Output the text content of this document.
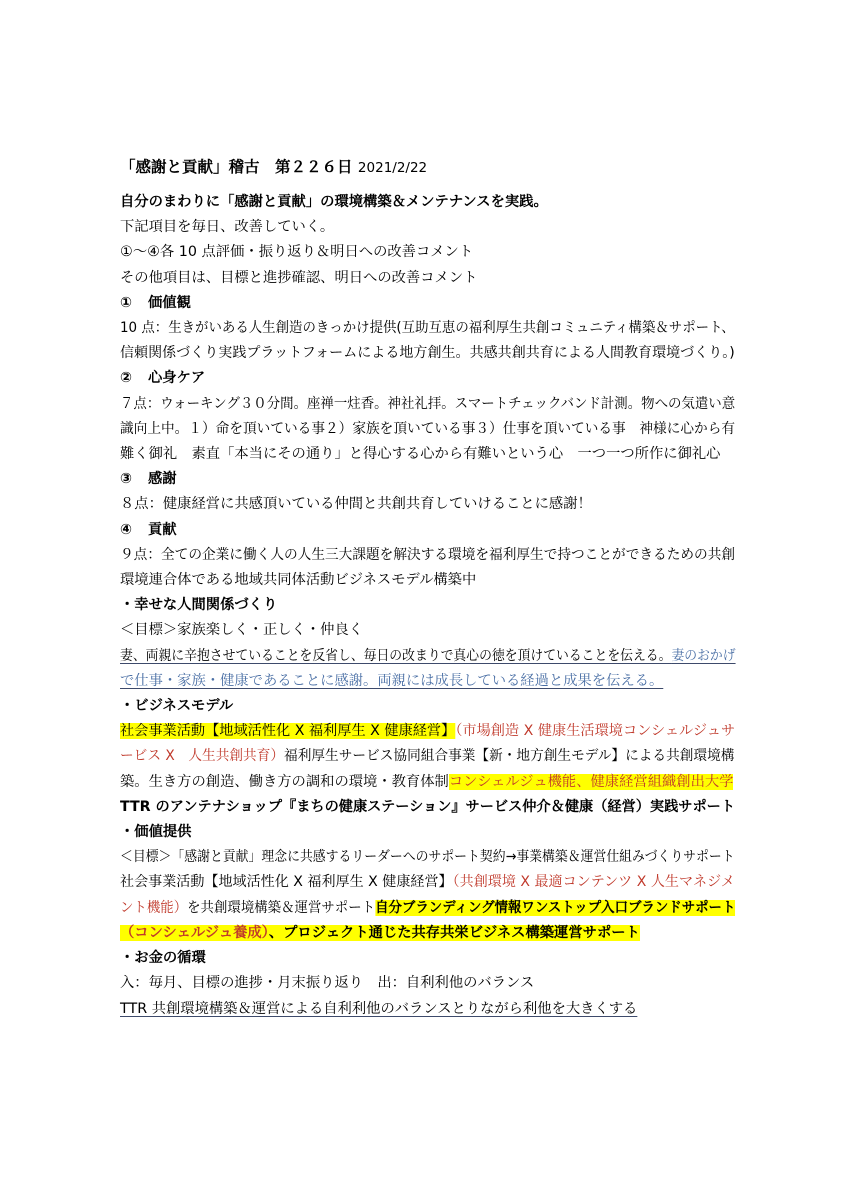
「感謝と貢献」稽古　第２２６日 2021/2/22
自分のまわりに「感謝と貢献」の環境構築＆メンテナンスを実践。
下記項目を毎日、改善していく。
①～④各 10 点評価・振り返り＆明日への改善コメント
その他項目は、目標と進捗確認、明日への改善コメント
① 価値観
10 点：生きがいある人生創造のきっかけ提供(互助互恵の福利厚生共創コミュニティ構築＆サポート、
信頼関係づくり実践プラットフォームによる地方創生。共感共創共育による人間教育環境づくり。)
② 心身ケア
７点：ウォーキング３０分間。座禅一炷香。神社礼拝。スマートチェックバンド計測。物への気遣い意
識向上中。１）命を頂いている事２）家族を頂いている事３）仕事を頂いている事　神様に心から有
難く御礼　素直「本当にその通り」と得心する心から有難いという心　一つ一つ所作に御礼心
③ 感謝
８点：健康経営に共感頂いている仲間と共創共育していけることに感謝！
④ 貢献
９点：全ての企業に働く人の人生三大課題を解決する環境を福利厚生で持つことができるための共創
環境連合体である地域共同体活動ビジネスモデル構築中
・幸せな人間関係づくり
＜目標＞家族楽しく・正しく・仲良く
妻、両親に辛抱させていることを反省し、毎日の改まりで真心の徳を頂けていることを伝える。妻のおかげ
で仕事・家族・健康であることに感謝。両親には成長している経過と成果を伝える。
・ビジネスモデル
社会事業活動【地域活性化 X 福利厚生 X 健康経営】（市場創造 X 健康生活環境コンシェルジュサ
ービス X　人生共創共育）福利厚生サービス協同組合事業【新・地方創生モデル】による共創環境構
築。生き方の創造、働き方の調和の環境・教育体制コンシェルジュ機能、健康経営組織創出大学
TTR のアンテナショップ『まちの健康ステーション』サービス仲介＆健康（経営）実践サポート
・価値提供
＜目標＞「感謝と貢献」理念に共感するリーダーへのサポート契約→事業構築＆運営仕組みづくりサポート
社会事業活動【地域活性化 X 福利厚生 X 健康経営】（共創環境 X 最適コンテンツ X 人生マネジメ
ント機能）を共創環境構築＆運営サポート自分ブランディング情報ワンストップ入口ブランドサポート
（コンシェルジュ養成）、プロジェクト通じた共存共栄ビジネス構築運営サポート
・お金の循環
入：毎月、目標の進捗・月末振り返り　出：自利利他のバランス
TTR 共創環境構築＆運営による自利利他のバランスとりながら利他を大きくする
